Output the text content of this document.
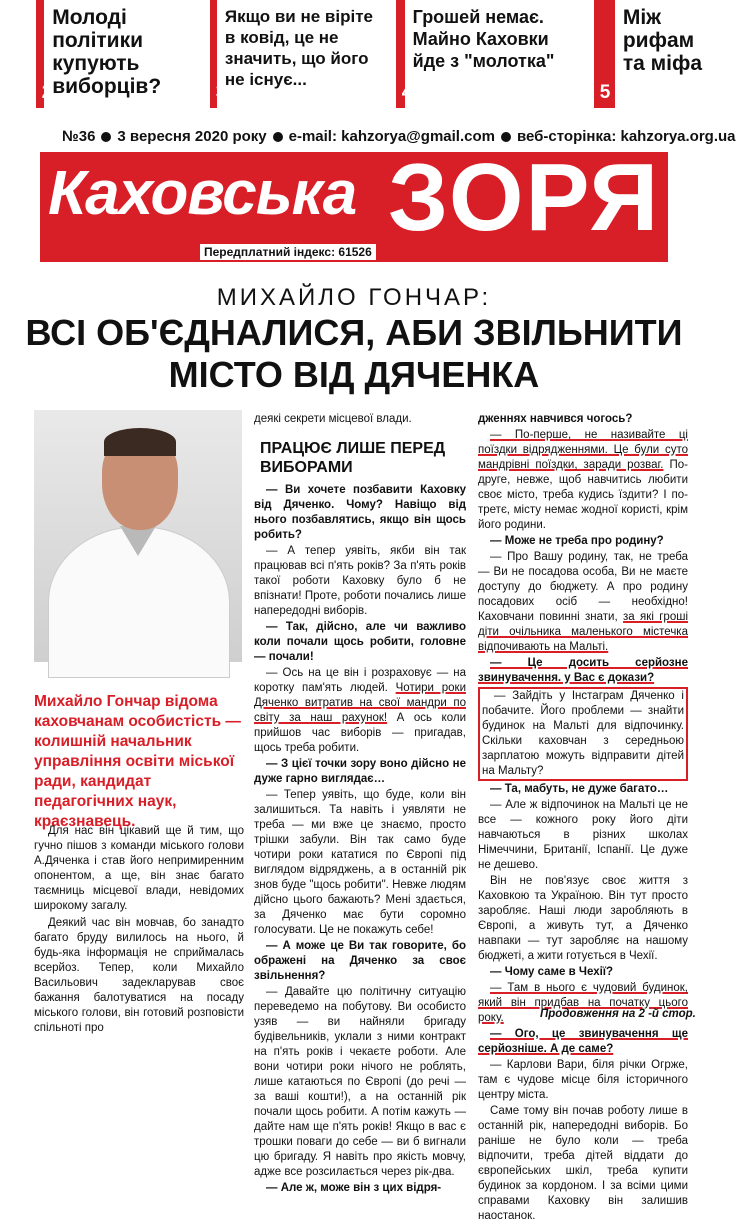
2
Молоді політики купують виборців?	3
Якщо ви не віріте в ковід, це не значить, що його не існує...
4
Грошей немає. Майно Каховки йде з "молотка"
5
Між рифам та міфа
№36 3 вересня 2020 року e-mail: kahzorya@gmail.com веб-сторінка: kahzorya.org.ua
Каховська ЗОРЯ
Передплатний індекс: 61526
МИХАЙЛО ГОНЧАР:
ВСІ ОБ'ЄДНАЛИСЯ, АБИ ЗВІЛЬНИТИ
МІСТО ВІД ДЯЧЕНКА
Михайло Гончар відома каховчанам особистість — колишній начальник управління освіти міської ради, кандидат педагогічних наук, краєзнавець.

Для нас він цікавий ще й тим, що гучно пішов з команди міського голови А.Дяченка і став його непримиренним опонентом, а ще, він знає багато таємниць місцевої влади, невідомих широкому загалу.

Деякий час він мовчав, бо занадто багато бруду вилилось на нього, й будь-яка інформація не сприймалась всерйоз. Тепер, коли Михайло Васильович задекларував своє бажання балотуватися на посаду міського голови, він готовий розповісти спільноті про

деякі секрети місцевої влади.

ПРАЦЮЄ ЛИШЕ ПЕРЕД ВИБОРАМИ

— Ви хочете позбавити Каховку від Дяченко. Чому? Навіщо від нього позбавлятись, якщо він щось робить?

— А тепер уявіть, якби він так працював всі п'ять років? За п'ять років такої роботи Каховку було б не впізнати! Проте, роботи почались лише напередодні виборів.

— Так, дійсно, але чи важливо коли почали щось робити, головне — почали!

— Ось на це він і розраховує — на коротку пам'ять людей. Чотири роки Дяченко витратив на свої мандри по світу за наш рахунок! А ось коли прийшов час виборів — пригадав, щось треба робити.

— З цієї точки зору воно дійсно не дуже гарно виглядає…

— Тепер уявіть, що буде, коли він залишиться. Та навіть і уявляти не треба — ми вже це знаємо, просто трішки забули. Він так само буде чотири роки кататися по Європі під виглядом відряджень, а в останній рік знов буде "щось робити". Невже людям дійсно цього бажають? Мені здається, за Дяченко має бути соромно голосувати. Це не покажуть себе!

— А може це Ви так говорите, бо ображені на Дяченко за своє звільнення?

— Давайте цю політичну ситуацію переведемо на побутову. Ви особисто узяв — ви найняли бригаду будівельників, уклали з ними контракт на п'ять років і чекаєте роботи. Але вони чотири роки нічого не роблять, лише катаються по Європі (до речі — за ваші кошти!), а на останній рік почали щось робити. А потім кажуть — дайте нам ще п'ять років! Якщо в вас є трошки поваги до себе — ви б вигнали цю бригаду. Я навіть про якість мовчу, адже все розсилається через рік-два.

— Але ж, може він з цих відря-

дженнях навчився чогось?

— По-перше, не називайте ці поїздки відрядженнями. Це були суто мандрівні поїздки, заради розваг. По-друге, невже, щоб навчитись любити своє місто, треба кудись їздити? І по-третє, місту немає жодної користі, крім його родини.

— Може не треба про родину?

— Про Вашу родину, так, не треба — Ви не посадова особа, Ви не маєте доступу до бюджету. А про родину посадових осіб — необхідно! Каховчани повинні знати, за які гроші діти очільника маленького містечка відпочивають на Мальті.

— Це досить серйозне звинувачення. у Вас є докази?

— Зайдіть у Інстаграм Дяченко і побачите. Його проблеми — знайти будинок на Мальті для відпочинку. Скільки каховчан з середньою зарплатою можуть відправити дітей на Мальту?

— Та, мабуть, не дуже багато…

— Але ж відпочинок на Мальті це не все — кожного року його діти навчаються в різних школах Німеччини, Британії, Іспанії. Це дуже не дешево.

Він не пов'язує своє життя з Каховкою та Україною. Він тут просто заробляє. Наші люди заробляють в Європі, а живуть тут, а Дяченко навпаки — тут заробляє на нашому бюджеті, а жити готується в Чехії.

— Чому саме в Чехії?

— Там в нього є чудовий будинок, який він придбав на початку цього року.

— Ого, це звинувачення ще серйозніше. А де саме?

— Карлови Вари, біля річки Огрже, там є чудове місце біля історичного центру міста.

Саме тому він почав роботу лише в останній рік, напередодні виборів. Бо раніше не було коли — треба відпочити, треба дітей віддати до європейських шкіл, треба купити будинок за кордоном. І за всіми цими справами Каховку він залишив наостанок.

Продовження на 2 -й стор.
